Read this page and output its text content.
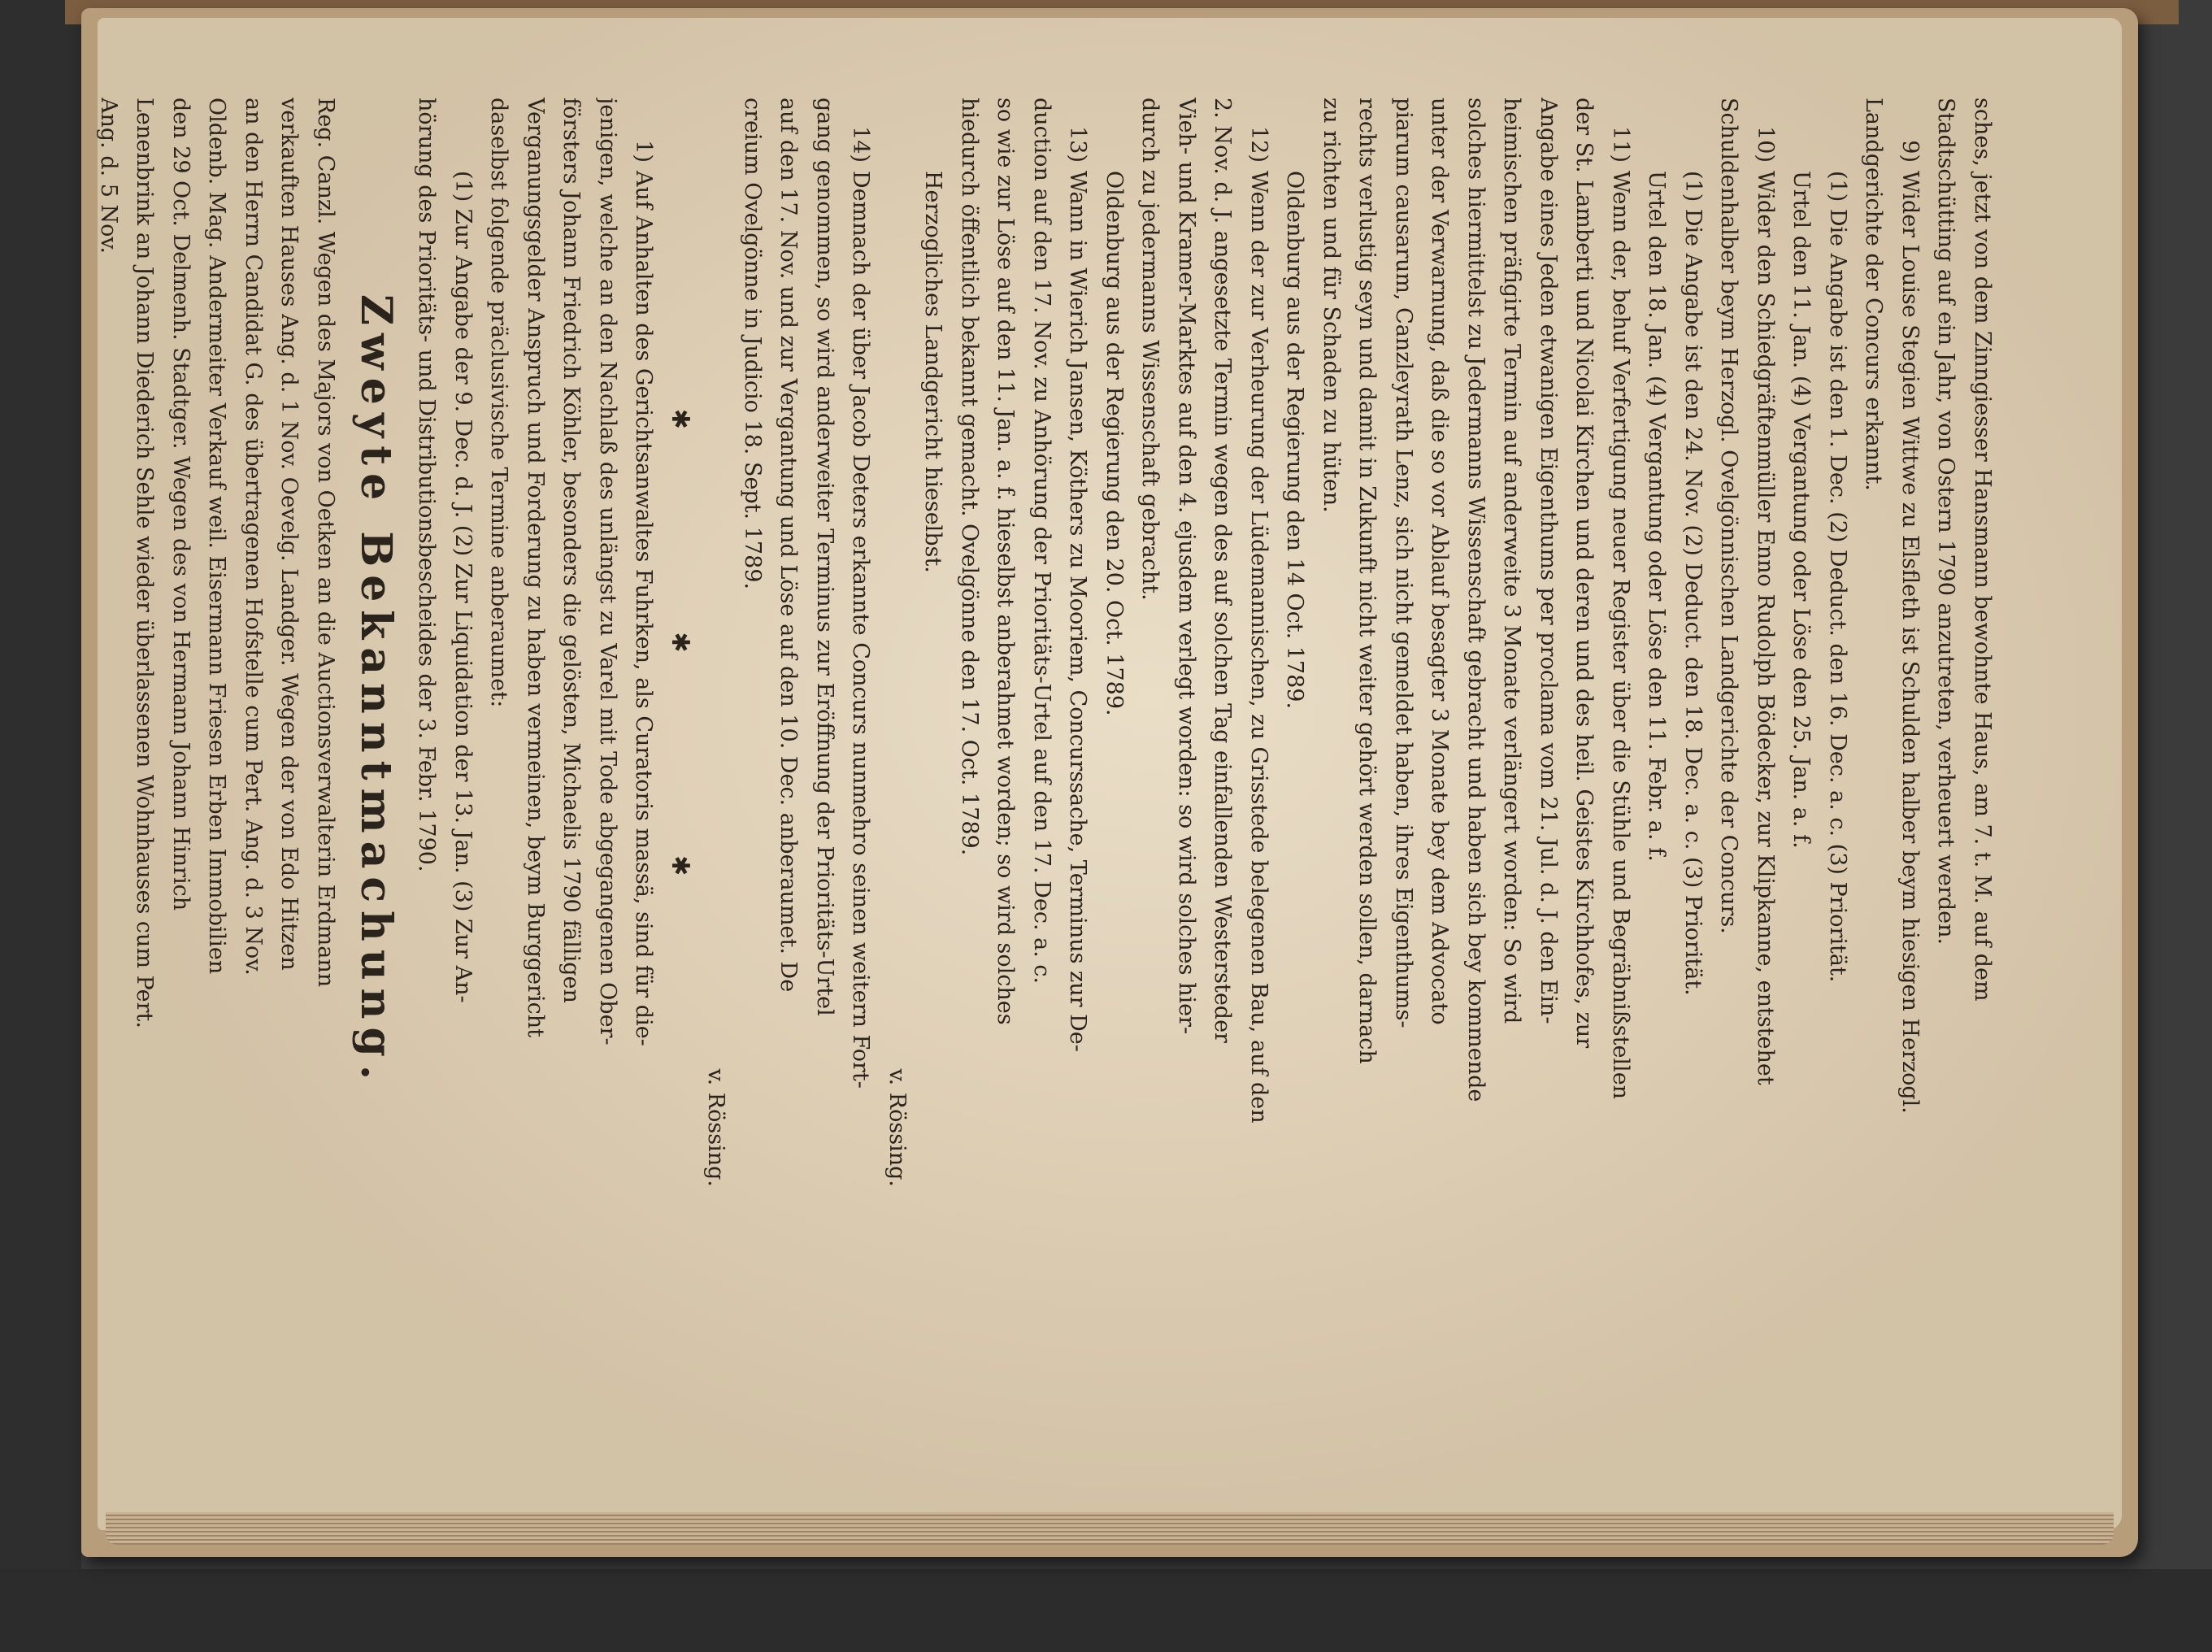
sches, jetzt von dem Zinngiesser Hansmann bewohnte Haus, am 7. t. M. auf dem
Stadtschütting auf ein Jahr, von Ostern 1790 anzutreten, verheuert werden.
9)Wider Louise Stegien Wittwe zu Elsfleth ist Schulden halber beym hiesigen Herzogl.
Landgerichte der Concurs erkannt.
(1) Die Angabe ist den 1. Dec. (2) Deduct. den 16. Dec. a. c. (3) Priorität.
Urtel den 11. Jan. (4) Vergantung oder Löse den 25. Jan. a. f.
10)Wider den Schiedgräftenmüller Enno Rudolph Bödecker, zur Klipkanne, entstehet
Schuldenhalber beym Herzogl. Ovelgönnischen Landgerichte der Concurs.
(1) Die Angabe ist den 24. Nov. (2) Deduct. den 18. Dec. a. c. (3) Priorität.
Urtel den 18. Jan. (4) Vergantung oder Löse den 11. Febr. a. f.
11)Wenn der, behuf Verfertigung neuer Register über die Stühle und Begräbnißstellen
der St. Lamberti und Nicolai Kirchen und deren und des heil. Geistes Kirchhofes, zur
Angabe eines Jeden etwanigen Eigenthums per proclama vom 21. Jul. d. J. den Ein-
heimischen präfigirte Termin auf anderweite 3 Monate verlängert worden: So wird
solches hiermittelst zu Jedermanns Wissenschaft gebracht und haben sich bey kommende
unter der Verwarnung, daß die so vor Ablauf besagter 3 Monate bey dem Advocato
piarum causarum, Canzleyrath Lenz, sich nicht gemeldet haben, ihres Eigenthums-
rechts verlustig seyn und damit in Zukunft nicht weiter gehört werden sollen, darnach
zu richten und für Schaden zu hüten.
Oldenburg aus der Regierung den 14 Oct. 1789.
12)Wenn der zur Verheurung der Lüdemannischen, zu Grisstede belegenen Bau, auf den
2. Nov. d. J. angesetzte Termin wegen des auf solchen Tag einfallenden Westersteder
Vieh- und Kramer-Marktes auf den 4. ejusdem verlegt worden: so wird solches hier-
durch zu jedermanns Wissenschaft gebracht.
Oldenburg aus der Regierung den 20. Oct. 1789.
13)Wann in Wierich Jansen, Köthers zu Mooriem, Concurssache, Terminus zur De-
duction auf den 17. Nov. zu Anhörung der Prioritäts-Urtel auf den 17. Dec. a. c.
so wie zur Löse auf den 11. Jan. a. f. hieselbst anberahmet worden; so wird solches
hiedurch öffentlich bekannt gemacht. Ovelgönne den 17. Oct. 1789.
Herzogliches Landgericht hieselbst.
v. Rössing.
14)Demnach der über Jacob Deters erkannte Concurs nunmehro seinen weitern Fort-
gang genommen, so wird anderweiter Terminus zur Eröffnung der Prioritäts-Urtel
auf den 17. Nov. und zur Vergantung und Löse auf den 10. Dec. anberaumet. De
creium Ovelgönne in Judicio 18. Sept. 1789.
v. Rössing.
✱ ✱ ✱
1)Auf Anhalten des Gerichtsanwaltes Fuhrken, als Curatoris massä, sind für die-
jenigen, welche an den Nachlaß des unlängst zu Varel mit Tode abgegangenen Ober-
försters Johann Friedrich Köhler, besonders die gelösten, Michaelis 1790 fälligen
Verganungsgelder Anspruch und Forderung zu haben vermeinen, beym Burggericht
daselbst folgende präclusivische Termine anberaumet:
(1) Zur Angabe der 9. Dec. d. J. (2) Zur Liquidation der 13. Jan. (3) Zur An-
hörung des Prioritäts- und Distributionsbescheides der 3. Febr. 1790.
Zweyte Bekanntmachung.
Reg. Canzl. Wegen des Majors von Oetken an die Auctionsverwalterin Erdmann
verkauften Hauses Ang. d. 1 Nov. Oevelg. Landger. Wegen der von Edo Hitzen
an den Herrn Candidat G. des übertragenen Hofstelle cum Pert. Ang. d. 3 Nov.
Oldenb. Mag. Andermeiter Verkauf weil. Eisermann Friesen Erben Immobilien
den 29 Oct. Delmenh. Stadtger. Wegen des von Hermann Johann Hinrich
Lenenbrink an Johann Diederich Sehle wieder überlassenen Wohnhauses cum Pert.
Ang. d. 5 Nov.
